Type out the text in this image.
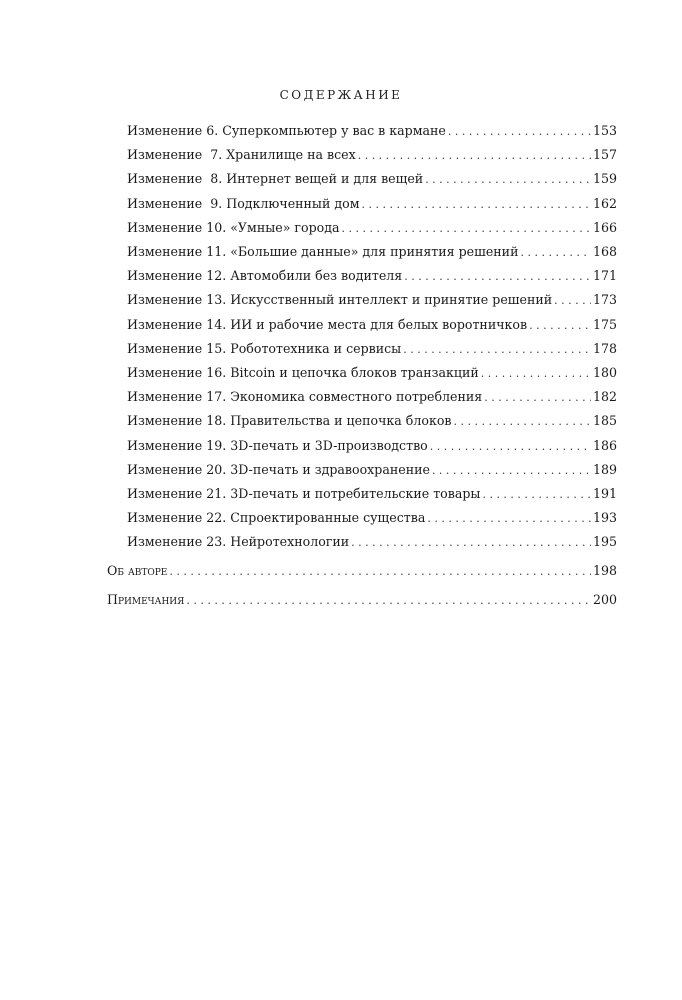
СОДЕРЖАНИЕ
Изменение 6. Суперкомпьютер у вас в кармане . . .	153
Изменение  7. Хранилище на всех . . .	157
Изменение  8. Интернет вещей и для вещей . . .	159
Изменение  9. Подключенный дом . . .	162
Изменение 10. «Умные» города . . .	166
Изменение 11. «Большие данные» для принятия решений . . .	168
Изменение 12. Автомобили без водителя . . .	171
Изменение 13. Искусственный интеллект и принятие решений . . .	173
Изменение 14. ИИ и рабочие места для белых воротничков . . .	175
Изменение 15. Робототехника и сервисы . . .	178
Изменение 16. Bitcoin и цепочка блоков транзакций . . .	180
Изменение 17. Экономика совместного потребления . . .	182
Изменение 18. Правительства и цепочка блоков . . .	185
Изменение 19. 3D-печать и 3D-производство . . .	186
Изменение 20. 3D-печать и здравоохранение . . .	189
Изменение 21. 3D-печать и потребительские товары . . .	191
Изменение 22. Спроектированные существа . . .	193
Изменение 23. Нейротехнологии . . .	195
Об авторе . . .	198
Примечания . . .	200
